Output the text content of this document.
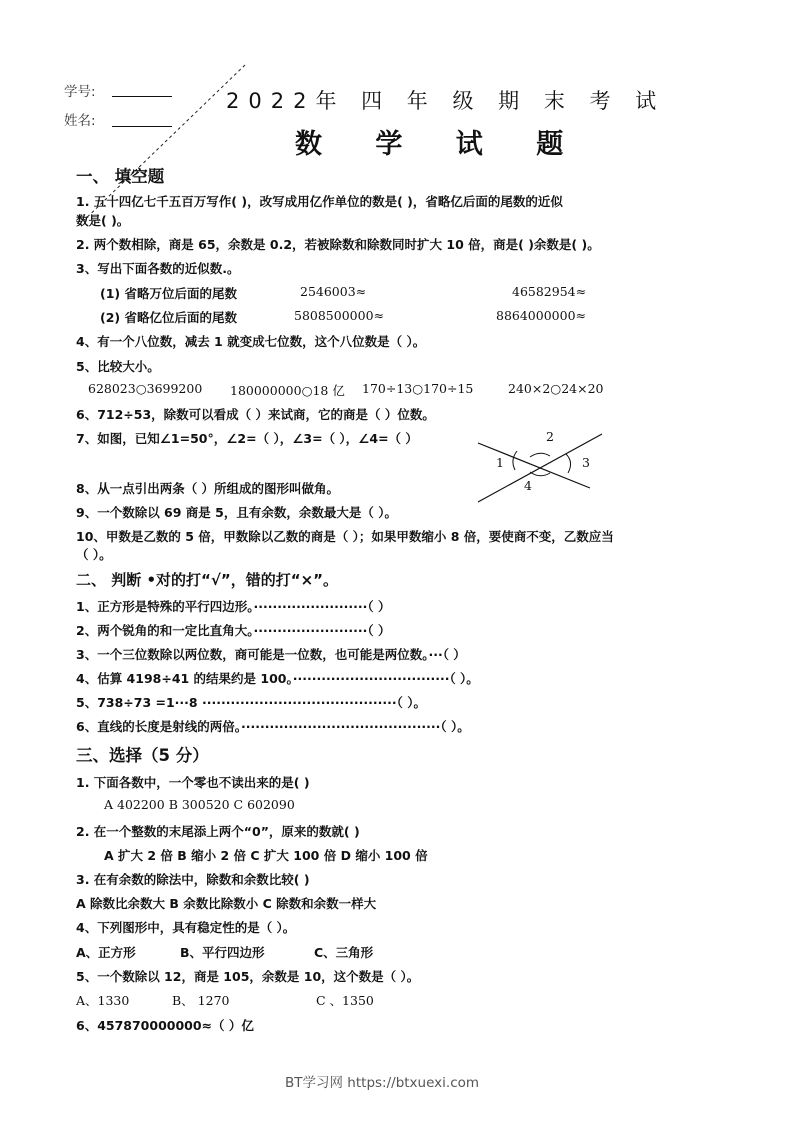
学号:
姓名:
2022年 四 年 级 期 末 考 试
数 学 试 题
一、 填空题
1. 五十四亿七千五百万写作( )，改写成用亿作单位的数是( )，省略亿后面的尾数的近似
数是( )。
2. 两个数相除，商是 65，余数是 0.2，若被除数和除数同时扩大 10 倍，商是( )余数是( )。
3、写出下面各数的近似数.。
(1) 省略万位后面的尾数	2546003≈	46582954≈
(2) 省略亿位后面的尾数	5808500000≈	8864000000≈
4、有一个八位数，减去 1 就变成七位数，这个八位数是（ ）。
5、比较大小。
628023○3699200 180000000○18 亿 170÷13○170÷15	240×2○24×20
6、712÷53，除数可以看成（ ）来试商，它的商是（ ）位数。
7、如图，已知∠1=50°，∠2=（ ），∠3=（ ），∠4=（ ）
1
2
3
4
8、从一点引出两条（ ）所组成的图形叫做角。
9、一个数除以 69 商是 5，且有余数，余数最大是（ ）。
10、甲数是乙数的 5 倍，甲数除以乙数的商是（ ）；如果甲数缩小 8 倍，要使商不变，乙数应当
（ ）。
二、 判断 •对的打“√”，错的打“×”。
1、正方形是特殊的平行四边形。························（ ）
2、两个锐角的和一定比直角大。························（ ）
3、一个三位数除以两位数，商可能是一位数，也可能是两位数。···（ ）
4、估算 4198÷41 的结果约是 100。·································（ ）。
5、738÷73 =1···8 ·········································（ ）。
6、直线的长度是射线的两倍。··········································（ ）。
三、选择（5 分）
1. 下面各数中，一个零也不读出来的是( )
A 402200 B 300520 C 602090
2. 在一个整数的末尾添上两个“0”，原来的数就( )
A 扩大 2 倍 B 缩小 2 倍 C 扩大 100 倍 D 缩小 100 倍
3. 在有余数的除法中，除数和余数比较( )
A 除数比余数大 B 余数比除数小 C 除数和余数一样大
4、下列图形中，具有稳定性的是（ ）。
A、正方形	B、平行四边形	C、三角形
5、一个数除以 12，商是 105，余数是 10，这个数是（ ）。
A、1330	B、 1270	C 、1350
6、457870000000≈（ ）亿
BT学习网 https://btxuexi.com
